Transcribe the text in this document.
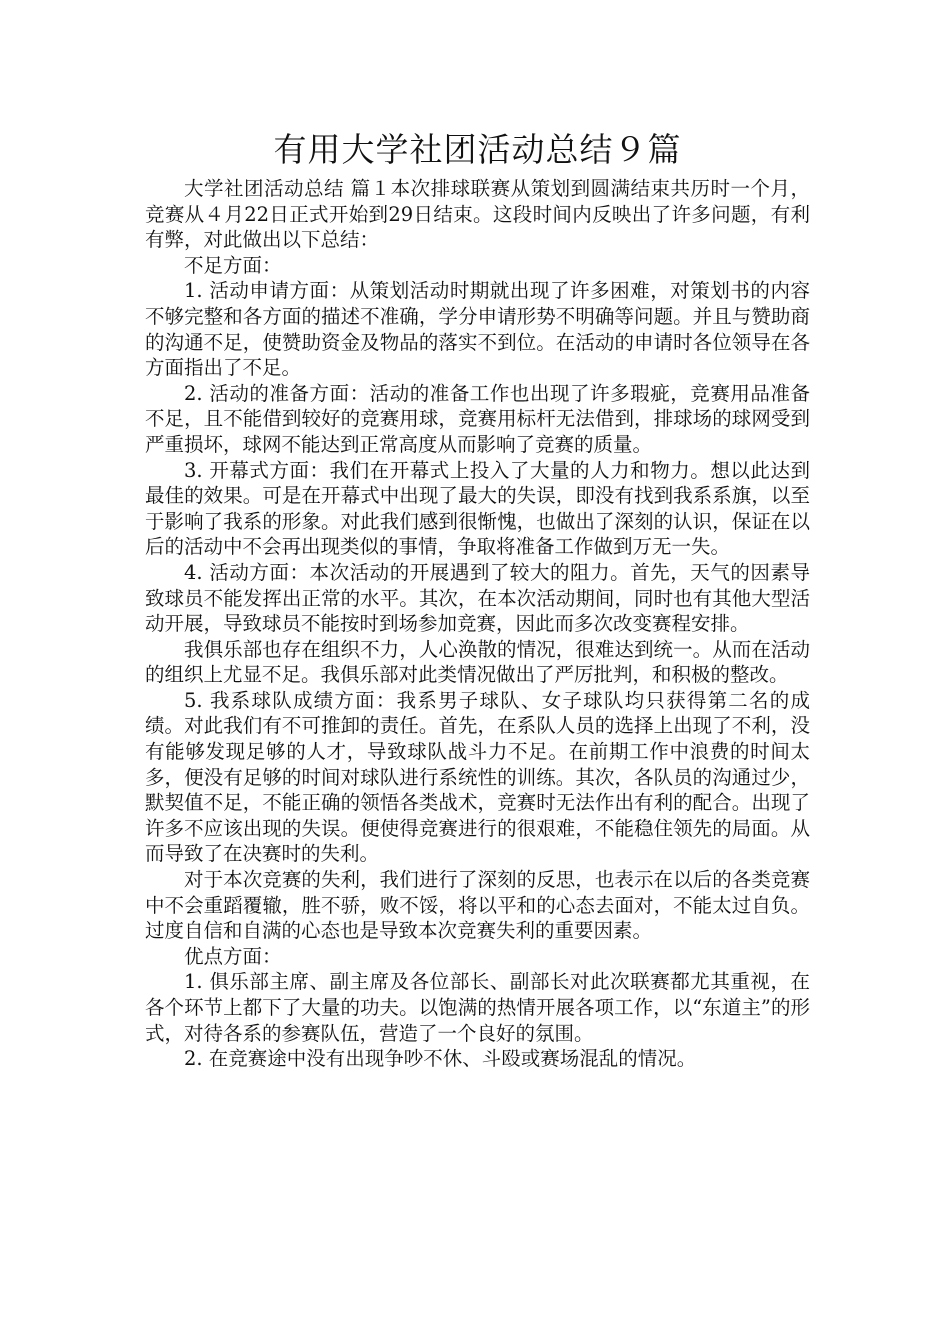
有用大学社团活动总结９篇

大学社团活动总结 篇１本次排球联赛从策划到圆满结束共历时一个月，竞赛从４月22日正式开始到29日结束。这段时间内反映出了许多问题，有利有弊，对此做出以下总结：

不足方面：

1. 活动申请方面：从策划活动时期就出现了许多困难，对策划书的内容不够完整和各方面的描述不准确，学分申请形势不明确等问题。并且与赞助商的沟通不足，使赞助资金及物品的落实不到位。在活动的申请时各位领导在各方面指出了不足。

2. 活动的准备方面：活动的准备工作也出现了许多瑕疵，竞赛用品准备不足，且不能借到较好的竞赛用球，竞赛用标杆无法借到，排球场的球网受到严重损坏，球网不能达到正常高度从而影响了竞赛的质量。

3. 开幕式方面：我们在开幕式上投入了大量的人力和物力。想以此达到最佳的效果。可是在开幕式中出现了最大的失误，即没有找到我系系旗，以至于影响了我系的形象。对此我们感到很惭愧，也做出了深刻的认识，保证在以后的活动中不会再出现类似的事情，争取将准备工作做到万无一失。

4. 活动方面：本次活动的开展遇到了较大的阻力。首先，天气的因素导致球员不能发挥出正常的水平。其次，在本次活动期间，同时也有其他大型活动开展，导致球员不能按时到场参加竞赛，因此而多次改变赛程安排。

我俱乐部也存在组织不力，人心涣散的情况，很难达到统一。从而在活动的组织上尤显不足。我俱乐部对此类情况做出了严厉批判，和积极的整改。

5. 我系球队成绩方面：我系男子球队、女子球队均只获得第二名的成绩。对此我们有不可推卸的责任。首先，在系队人员的选择上出现了不利，没有能够发现足够的人才，导致球队战斗力不足。在前期工作中浪费的时间太多，便没有足够的时间对球队进行系统性的训练。其次，各队员的沟通过少，默契值不足，不能正确的领悟各类战术，竞赛时无法作出有利的配合。出现了许多不应该出现的失误。便使得竞赛进行的很艰难，不能稳住领先的局面。从而导致了在决赛时的失利。

对于本次竞赛的失利，我们进行了深刻的反思，也表示在以后的各类竞赛中不会重蹈覆辙，胜不骄，败不馁，将以平和的心态去面对，不能太过自负。过度自信和自满的心态也是导致本次竞赛失利的重要因素。

优点方面：

1. 俱乐部主席、副主席及各位部长、副部长对此次联赛都尤其重视，在各个环节上都下了大量的功夫。以饱满的热情开展各项工作，以“东道主”的形式，对待各系的参赛队伍，营造了一个良好的氛围。

2. 在竞赛途中没有出现争吵不休、斗殴或赛场混乱的情况。
